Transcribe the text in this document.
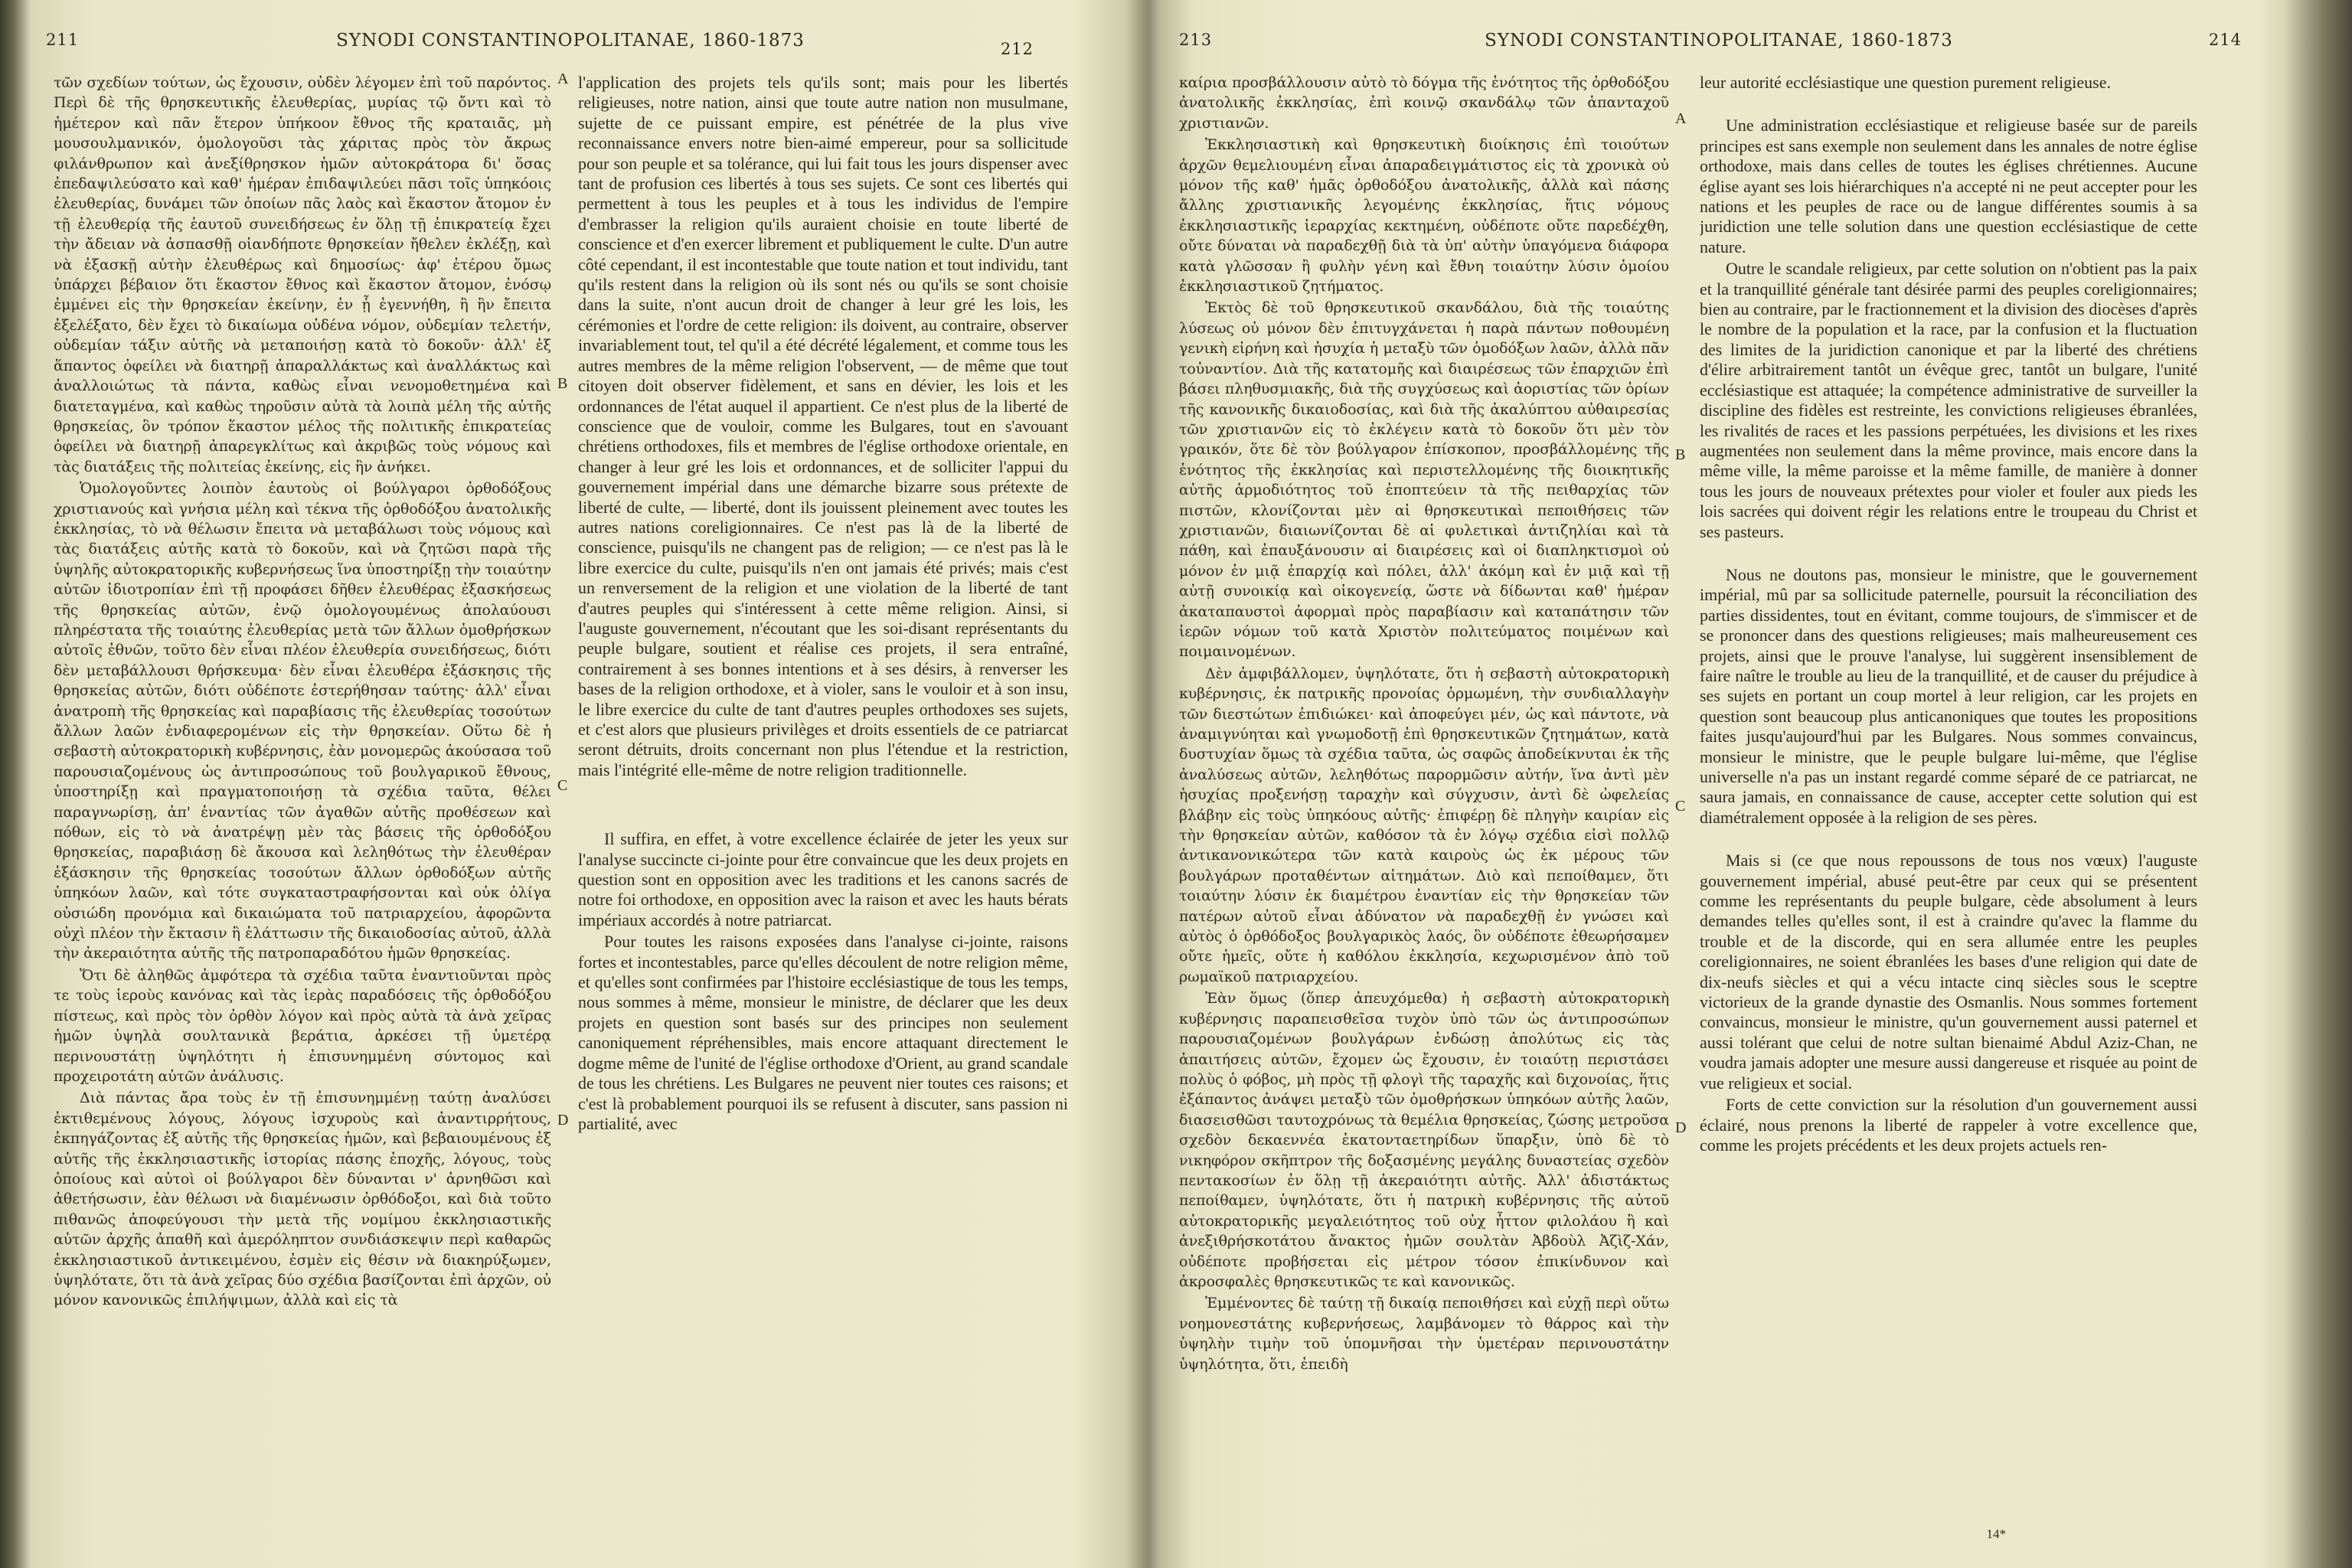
211	SYNODI CONSTANTINOPOLITANAE, 1860-1873	212

τῶν σχεδίων τούτων, ὡς ἔχουσιν, οὐδὲν λέγομεν ἐπὶ τοῦ παρόντος. Περὶ δὲ τῆς θρησκευτικῆς ἐλευθερίας, μυρίας τῷ ὄντι καὶ τὸ ἡμέτερον καὶ πᾶν ἕτερον ὑπήκοον ἔθνος τῆς κραταιᾶς, μὴ μουσουλμανικόν, ὁμολογοῦσι τὰς χάριτας πρὸς τὸν ἄκρως φιλάνθρωπον καὶ ἀνεξίθρησκον ἡμῶν αὐτοκράτορα δι' ὅσας ἐπεδαψιλεύσατο καὶ καθ' ἡμέραν ἐπιδαψιλεύει πᾶσι τοῖς ὑπηκόοις ἐλευθερίας, δυνάμει τῶν ὁποίων πᾶς λαὸς καὶ ἕκαστον ἄτομον ἐν τῇ ἐλευθερίᾳ τῆς ἑαυτοῦ συνειδήσεως ἐν ὅλῃ τῇ ἐπικρατείᾳ ἔχει τὴν ἄδειαν νὰ ἀσπασθῇ οἱανδήποτε θρησκείαν ἤθελεν ἐκλέξῃ, καὶ νὰ ἐξασκῇ αὐτὴν ἐλευθέρως καὶ δημοσίως· ἀφ' ἑτέρου ὅμως ὑπάρχει βέβαιον ὅτι ἕκαστον ἔθνος καὶ ἕκαστον ἄτομον, ἐνόσῳ ἐμμένει εἰς τὴν θρησκείαν ἐκείνην, ἐν ᾗ ἐγεννήθη, ἢ ἣν ἔπειτα ἐξελέξατο, δὲν ἔχει τὸ δικαίωμα οὐδένα νόμον, οὐδεμίαν τελετήν, οὐδεμίαν τάξιν αὐτῆς νὰ μεταποιήσῃ κατὰ τὸ δοκοῦν· ἀλλ' ἐξ ἅπαντος ὀφείλει νὰ διατηρῇ ἀπαραλλάκτως καὶ ἀναλλάκτως καὶ ἀναλλοιώτως τὰ πάντα, καθὼς εἶναι νενομοθετημένα καὶ διατεταγμένα, καὶ καθὼς τηροῦσιν αὐτὰ τὰ λοιπὰ μέλη τῆς αὐτῆς θρησκείας, ὃν τρόπον ἕκαστον μέλος τῆς πολιτικῆς ἐπικρατείας ὀφείλει νὰ διατηρῇ ἀπαρεγκλίτως καὶ ἀκριβῶς τοὺς νόμους καὶ τὰς διατάξεις τῆς πολιτείας ἐκείνης, εἰς ἣν ἀνήκει.

Ὁμολογοῦντες λοιπὸν ἑαυτοὺς οἱ βούλγαροι ὀρθοδόξους χριστιανούς καὶ γνήσια μέλη καὶ τέκνα τῆς ὀρθοδόξου ἀνατολικῆς ἐκκλησίας, τὸ νὰ θέλωσιν ἔπειτα νὰ μεταβάλωσι τοὺς νόμους καὶ τὰς διατάξεις αὐτῆς κατὰ τὸ δοκοῦν, καὶ νὰ ζητῶσι παρὰ τῆς ὑψηλῆς αὐτοκρατορικῆς κυβερνήσεως ἵνα ὑποστηρίξῃ τὴν τοιαύτην αὐτῶν ἰδιοτροπίαν ἐπὶ τῇ προφάσει δῆθεν ἐλευθέρας ἐξασκήσεως τῆς θρησκείας αὐτῶν, ἐνῷ ὁμολογουμένως ἀπολαύουσι πληρέστατα τῆς τοιαύτης ἐλευθερίας μετὰ τῶν ἄλλων ὁμοθρήσκων αὐτοῖς ἐθνῶν, τοῦτο δὲν εἶναι πλέον ἐλευθερία συνειδήσεως, διότι δὲν μεταβάλλουσι θρήσκευμα· δὲν εἶναι ἐλευθέρα ἐξάσκησις τῆς θρησκείας αὐτῶν, διότι οὐδέποτε ἐστερήθησαν ταύτης· ἀλλ' εἶναι ἀνατροπὴ τῆς θρησκείας καὶ παραβίασις τῆς ἐλευθερίας τοσούτων ἄλλων λαῶν ἐνδιαφερομένων εἰς τὴν θρησκείαν. Οὕτω δὲ ἡ σεβαστὴ αὐτοκρατορικὴ κυβέρνησις, ἐὰν μονομερῶς ἀκούσασα τοῦ παρουσιαζομένους ὡς ἀντιπροσώπους τοῦ βουλγαρικοῦ ἔθνους, ὑποστηρίξῃ καὶ πραγματοποιήσῃ τὰ σχέδια ταῦτα, θέλει παραγνωρίσῃ, ἀπ' ἐναντίας τῶν ἀγαθῶν αὐτῆς προθέσεων καὶ πόθων, εἰς τὸ νὰ ἀνατρέψῃ μὲν τὰς βάσεις τῆς ὀρθοδόξου θρησκείας, παραβιάσῃ δὲ ἄκουσα καὶ λεληθότως τὴν ἐλευθέραν ἐξάσκησιν τῆς θρησκείας τοσούτων ἄλλων ὀρθοδόξων αὐτῆς ὑπηκόων λαῶν, καὶ τότε συγκαταστραφήσονται καὶ οὐκ ὀλίγα οὐσιώδη προνόμια καὶ δικαιώματα τοῦ πατριαρχείου, ἀφορῶντα οὐχὶ πλέον τὴν ἔκτασιν ἢ ἐλάττωσιν τῆς δικαιοδοσίας αὐτοῦ, ἀλλὰ τὴν ἀκεραιότητα αὐτῆς τῆς πατροπαραδότου ἡμῶν θρησκείας.

Ὅτι δὲ ἀληθῶς ἀμφότερα τὰ σχέδια ταῦτα ἐναντιοῦνται πρὸς τε τοὺς ἱεροὺς κανόνας καὶ τὰς ἱερὰς παραδόσεις τῆς ὀρθοδόξου πίστεως, καὶ πρὸς τὸν ὀρθὸν λόγον καὶ πρὸς αὐτὰ τὰ ἀνὰ χεῖρας ἡμῶν ὑψηλὰ σουλτανικὰ βεράτια, ἀρκέσει τῇ ὑμετέρᾳ περινουστάτῃ ὑψηλότητι ἡ ἐπισυνημμένη σύντομος καὶ προχειροτάτη αὐτῶν ἀνάλυσις.

Διὰ πάντας ἄρα τοὺς ἐν τῇ ἐπισυνημμένῃ ταύτῃ ἀναλύσει ἐκτιθεμένους λόγους, λόγους ἰσχυροὺς καὶ ἀναντιρρήτους, ἐκπηγάζοντας ἐξ αὐτῆς τῆς θρησκείας ἡμῶν, καὶ βεβαιουμένους ἐξ αὐτῆς τῆς ἐκκλησιαστικῆς ἱστορίας πάσης ἐποχῆς, λόγους, τοὺς ὁποίους καὶ αὐτοὶ οἱ βούλγαροι δὲν δύνανται ν' ἀρνηθῶσι καὶ ἀθετήσωσιν, ἐὰν θέλωσι νὰ διαμένωσιν ὀρθόδοξοι, καὶ διὰ τοῦτο πιθανῶς ἀποφεύγουσι τὴν μετὰ τῆς νομίμου ἐκκλησιαστικῆς αὐτῶν ἀρχῆς ἀπαθῆ καὶ ἀμερόληπτον συνδιάσκεψιν περὶ καθαρῶς ἐκκλησιαστικοῦ ἀντικειμένου, ἐσμὲν εἰς θέσιν νὰ διακηρύξωμεν, ὑψηλότατε, ὅτι τὰ ἀνὰ χεῖρας δύο σχέδια βασίζονται ἐπὶ ἀρχῶν, οὐ μόνον κανονικῶς ἐπιλήψιμων, ἀλλὰ καὶ εἰς τὰ

A
B
C
D

l'application des projets tels qu'ils sont; mais pour les libertés religieuses, notre nation, ainsi que toute autre nation non musulmane, sujette de ce puissant empire, est pénétrée de la plus vive reconnaissance envers notre bien-aimé empereur, pour sa sollicitude pour son peuple et sa tolérance, qui lui fait tous les jours dispenser avec tant de profusion ces libertés à tous ses sujets. Ce sont ces libertés qui permettent à tous les peuples et à tous les individus de l'empire d'embrasser la religion qu'ils auraient choisie en toute liberté de conscience et d'en exercer librement et publiquement le culte. D'un autre côté cependant, il est incontestable que toute nation et tout individu, tant qu'ils restent dans la religion où ils sont nés ou qu'ils se sont choisie dans la suite, n'ont aucun droit de changer à leur gré les lois, les cérémonies et l'ordre de cette religion: ils doivent, au contraire, observer invariablement tout, tel qu'il a été décrété légalement, et comme tous les autres membres de la même religion l'observent, — de même que tout citoyen doit observer fidèlement, et sans en dévier, les lois et les ordonnances de l'état auquel il appartient. Ce n'est plus de la liberté de conscience que de vouloir, comme les Bulgares, tout en s'avouant chrétiens orthodoxes, fils et membres de l'église orthodoxe orientale, en changer à leur gré les lois et ordonnances, et de solliciter l'appui du gouvernement impérial dans une démarche bizarre sous prétexte de liberté de culte, — liberté, dont ils jouissent pleinement avec toutes les autres nations coreligionnaires. Ce n'est pas là de la liberté de conscience, puisqu'ils ne changent pas de religion; — ce n'est pas là le libre exercice du culte, puisqu'ils n'en ont jamais été privés; mais c'est un renversement de la religion et une violation de la liberté de tant d'autres peuples qui s'intéressent à cette même religion. Ainsi, si l'auguste gouvernement, n'écoutant que les soi-disant représentants du peuple bulgare, soutient et réalise ces projets, il sera entraîné, contrairement à ses bonnes intentions et à ses désirs, à renverser les bases de la religion orthodoxe, et à violer, sans le vouloir et à son insu, le libre exercice du culte de tant d'autres peuples orthodoxes ses sujets, et c'est alors que plusieurs privilèges et droits essentiels de ce patriarcat seront détruits, droits concernant non plus l'étendue et la restriction, mais l'intégrité elle-même de notre religion traditionnelle.

Il suffira, en effet, à votre excellence éclairée de jeter les yeux sur l'analyse succincte ci-jointe pour être convaincue que les deux projets en question sont en opposition avec les traditions et les canons sacrés de notre foi orthodoxe, en opposition avec la raison et avec les hauts bérats impériaux accordés à notre patriarcat.

Pour toutes les raisons exposées dans l'analyse ci-jointe, raisons fortes et incontestables, parce qu'elles découlent de notre religion même, et qu'elles sont confirmées par l'histoire ecclésiastique de tous les temps, nous sommes à même, monsieur le ministre, de déclarer que les deux projets en question sont basés sur des principes non seulement canoniquement répréhensibles, mais encore attaquant directement le dogme même de l'unité de l'église orthodoxe d'Orient, au grand scandale de tous les chrétiens. Les Bulgares ne peuvent nier toutes ces raisons; et c'est là probablement pourquoi ils se refusent à discuter, sans passion ni partialité, avec

213	SYNODI CONSTANTINOPOLITANAE, 1860-1873	214

καίρια προσβάλλουσιν αὐτὸ τὸ δόγμα τῆς ἑνότητος τῆς ὀρθοδόξου ἀνατολικῆς ἐκκλησίας, ἐπὶ κοινῷ σκανδάλῳ τῶν ἁπανταχοῦ χριστιανῶν.

Ἐκκλησιαστικὴ καὶ θρησκευτικὴ διοίκησις ἐπὶ τοιούτων ἀρχῶν θεμελιουμένη εἶναι ἀπαραδειγμάτιστος εἰς τὰ χρονικὰ οὐ μόνον τῆς καθ' ἡμᾶς ὀρθοδόξου ἀνατολικῆς, ἀλλὰ καὶ πάσης ἄλλης χριστιανικῆς λεγομένης ἐκκλησίας, ἥτις νόμους ἐκκλησιαστικῆς ἱεραρχίας κεκτημένη, οὐδέποτε οὔτε παρεδέχθη, οὔτε δύναται νὰ παραδεχθῇ διὰ τὰ ὑπ' αὐτὴν ὑπαγόμενα διάφορα κατὰ γλῶσσαν ἢ φυλὴν γένη καὶ ἔθνη τοιαύτην λύσιν ὁμοίου ἐκκλησιαστικοῦ ζητήματος.

Ἐκτὸς δὲ τοῦ θρησκευτικοῦ σκανδάλου, διὰ τῆς τοιαύτης λύσεως οὐ μόνον δὲν ἐπιτυγχάνεται ἡ παρὰ πάντων ποθουμένη γενικὴ εἰρήνη καὶ ἡσυχία ἡ μεταξὺ τῶν ὁμοδόξων λαῶν, ἀλλὰ πᾶν τοὐναντίον. Διὰ τῆς κατατομῆς καὶ διαιρέσεως τῶν ἐπαρχιῶν ἐπὶ βάσει πληθυσμιακῆς, διὰ τῆς συγχύσεως καὶ ἀοριστίας τῶν ὁρίων τῆς κανονικῆς δικαιοδοσίας, καὶ διὰ τῆς ἀκαλύπτου αὐθαιρεσίας τῶν χριστιανῶν εἰς τὸ ἐκλέγειν κατὰ τὸ δοκοῦν ὅτι μὲν τὸν γραικόν, ὅτε δὲ τὸν βούλγαρον ἐπίσκοπον, προσβάλλομένης τῆς ἑνότητος τῆς ἐκκλησίας καὶ περιστελλομένης τῆς διοικητικῆς αὐτῆς ἁρμοδιότητος τοῦ ἐποπτεύειν τὰ τῆς πειθαρχίας τῶν πιστῶν, κλονίζονται μὲν αἱ θρησκευτικαὶ πεποιθήσεις τῶν χριστιανῶν, διαιωνίζονται δὲ αἱ φυλετικαὶ ἀντιζηλίαι καὶ τὰ πάθη, καὶ ἐπαυξάνουσιν αἱ διαιρέσεις καὶ οἱ διαπληκτισμοὶ οὐ μόνον ἐν μιᾷ ἐπαρχίᾳ καὶ πόλει, ἀλλ' ἀκόμη καὶ ἐν μιᾷ καὶ τῇ αὐτῇ συνοικίᾳ καὶ οἰκογενείᾳ, ὥστε νὰ δίδωνται καθ' ἡμέραν ἀκαταπαυστοὶ ἀφορμαὶ πρὸς παραβίασιν καὶ καταπάτησιν τῶν ἱερῶν νόμων τοῦ κατὰ Χριστὸν πολιτεύματος ποιμένων καὶ ποιμαινομένων.

Δὲν ἀμφιβάλλομεν, ὑψηλότατε, ὅτι ἡ σεβαστὴ αὐτοκρατορικὴ κυβέρνησις, ἐκ πατρικῆς προνοίας ὁρμωμένη, τὴν συνδιαλλαγὴν τῶν διεστώτων ἐπιδιώκει· καὶ ἀποφεύγει μέν, ὡς καὶ πάντοτε, νὰ ἀναμιγνύηται καὶ γνωμοδοτῇ ἐπὶ θρησκευτικῶν ζητημάτων, κατὰ δυστυχίαν ὅμως τὰ σχέδια ταῦτα, ὡς σαφῶς ἀποδείκνυται ἐκ τῆς ἀναλύσεως αὐτῶν, λεληθότως παρορμῶσιν αὐτήν, ἵνα ἀντὶ μὲν ἡσυχίας προξενήσῃ ταραχὴν καὶ σύγχυσιν, ἀντὶ δὲ ὠφελείας βλάβην εἰς τοὺς ὑπηκόους αὐτῆς· ἐπιφέρῃ δὲ πληγὴν καιρίαν εἰς τὴν θρησκείαν αὐτῶν, καθόσον τὰ ἐν λόγῳ σχέδια εἰσὶ πολλῷ ἀντικανονικώτερα τῶν κατὰ καιροὺς ὡς ἐκ μέρους τῶν βουλγάρων προταθέντων αἰτημάτων. Διὸ καὶ πεποίθαμεν, ὅτι τοιαύτην λύσιν ἐκ διαμέτρου ἐναντίαν εἰς τὴν θρησκείαν τῶν πατέρων αὐτοῦ εἶναι ἀδύνατον νὰ παραδεχθῇ ἐν γνώσει καὶ αὐτὸς ὁ ὀρθόδοξος βουλγαρικὸς λαός, ὃν οὐδέποτε ἐθεωρήσαμεν οὔτε ἡμεῖς, οὔτε ἡ καθόλου ἐκκλησία, κεχωρισμένον ἀπὸ τοῦ ρωμαϊκοῦ πατριαρχείου.

Ἐὰν ὅμως (ὅπερ ἀπευχόμεθα) ἡ σεβαστὴ αὐτοκρατορικὴ κυβέρνησις παραπεισθεῖσα τυχὸν ὑπὸ τῶν ὡς ἀντιπροσώπων παρουσιαζομένων βουλγάρων ἐνδώσῃ ἀπολύτως εἰς τὰς ἀπαιτήσεις αὐτῶν, ἔχομεν ὡς ἔχουσιν, ἐν τοιαύτῃ περιστάσει πολὺς ὁ φόβος, μὴ πρὸς τῇ φλογὶ τῆς ταραχῆς καὶ διχονοίας, ἥτις ἐξάπαντος ἀνάψει μεταξὺ τῶν ὁμοθρήσκων ὑπηκόων αὐτῆς λαῶν, διασεισθῶσι ταυτοχρόνως τὰ θεμέλια θρησκείας, ζώσης μετροῦσα σχεδὸν δεκαεννέα ἑκατονταετηρίδων ὕπαρξιν, ὑπὸ δὲ τὸ νικηφόρον σκῆπτρον τῆς δοξασμένης μεγάλης δυναστείας σχεδὸν πεντακοσίων ἐν ὅλῃ τῇ ἀκεραιότητι αὐτῆς. Ἀλλ' ἀδιστάκτως πεποίθαμεν, ὑψηλότατε, ὅτι ἡ πατρικὴ κυβέρνησις τῆς αὐτοῦ αὐτοκρατορικῆς μεγαλειότητος τοῦ οὐχ ἧττον φιλολάου ἢ καὶ ἀνεξιθρήσκοτάτου ἄνακτος ἡμῶν σουλτὰν Ἀβδοὺλ Ἀζὶζ-Χάν, οὐδέποτε προβήσεται εἰς μέτρον τόσον ἐπικίνδυνον καὶ ἀκροσφαλὲς θρησκευτικῶς τε καὶ κανονικῶς.

Ἐμμένοντες δὲ ταύτῃ τῇ δικαίᾳ πεποιθήσει καὶ εὐχῇ περὶ οὕτω νοημονεστάτης κυβερνήσεως, λαμβάνομεν τὸ θάρρος καὶ τὴν ὑψηλὴν τιμὴν τοῦ ὑπομνῆσαι τὴν ὑμετέραν περινουστάτην ὑψηλότητα, ὅτι, ἐπειδὴ

A
B
C
D

leur autorité ecclésiastique une question purement religieuse.

Une administration ecclésiastique et religieuse basée sur de pareils principes est sans exemple non seulement dans les annales de notre église orthodoxe, mais dans celles de toutes les églises chrétiennes. Aucune église ayant ses lois hiérarchiques n'a accepté ni ne peut accepter pour les nations et les peuples de race ou de langue différentes soumis à sa juridiction une telle solution dans une question ecclésiastique de cette nature.

Outre le scandale religieux, par cette solution on n'obtient pas la paix et la tranquillité générale tant désirée parmi des peuples coreligionnaires; bien au contraire, par le fractionnement et la division des diocèses d'après le nombre de la population et la race, par la confusion et la fluctuation des limites de la juridiction canonique et par la liberté des chrétiens d'élire arbitrairement tantôt un évêque grec, tantôt un bulgare, l'unité ecclésiastique est attaquée; la compétence administrative de surveiller la discipline des fidèles est restreinte, les convictions religieuses ébranlées, les rivalités de races et les passions perpétuées, les divisions et les rixes augmentées non seulement dans la même province, mais encore dans la même ville, la même paroisse et la même famille, de manière à donner tous les jours de nouveaux prétextes pour violer et fouler aux pieds les lois sacrées qui doivent régir les relations entre le troupeau du Christ et ses pasteurs.

Nous ne doutons pas, monsieur le ministre, que le gouvernement impérial, mû par sa sollicitude paternelle, poursuit la réconciliation des parties dissidentes, tout en évitant, comme toujours, de s'immiscer et de se prononcer dans des questions religieuses; mais malheureusement ces projets, ainsi que le prouve l'analyse, lui suggèrent insensiblement de faire naître le trouble au lieu de la tranquillité, et de causer du préjudice à ses sujets en portant un coup mortel à leur religion, car les projets en question sont beaucoup plus anticanoniques que toutes les propositions faites jusqu'aujourd'hui par les Bulgares. Nous sommes convaincus, monsieur le ministre, que le peuple bulgare lui-même, que l'église universelle n'a pas un instant regardé comme séparé de ce patriarcat, ne saura jamais, en connaissance de cause, accepter cette solution qui est diamétralement opposée à la religion de ses pères.

Mais si (ce que nous repoussons de tous nos vœux) l'auguste gouvernement impérial, abusé peut-être par ceux qui se présentent comme les représentants du peuple bulgare, cède absolument à leurs demandes telles qu'elles sont, il est à craindre qu'avec la flamme du trouble et de la discorde, qui en sera allumée entre les peuples coreligionnaires, ne soient ébranlées les bases d'une religion qui date de dix-neufs siècles et qui a vécu intacte cinq siècles sous le sceptre victorieux de la grande dynastie des Osmanlis. Nous sommes fortement convaincus, monsieur le ministre, qu'un gouvernement aussi paternel et aussi tolérant que celui de notre sultan bienaimé Abdul Aziz-Chan, ne voudra jamais adopter une mesure aussi dangereuse et risquée au point de vue religieux et social.

Forts de cette conviction sur la résolution d'un gouvernement aussi éclairé, nous prenons la liberté de rappeler à votre excellence que, comme les projets précédents et les deux projets actuels ren-

14*
